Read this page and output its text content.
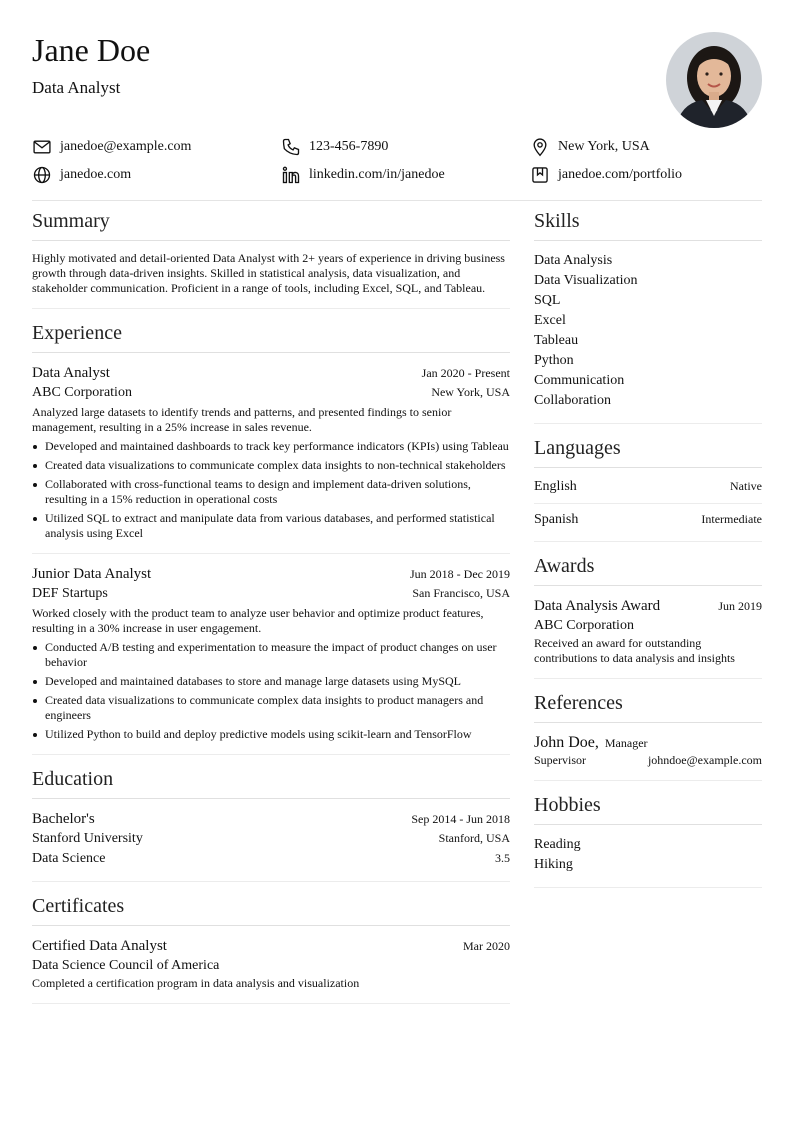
Jane Doe
Data Analyst
janedoe@example.com	123-456-7890	New York, USA
janedoe.com	linkedin.com/in/janedoe	janedoe.com/portfolio
Summary
Highly motivated and detail-oriented Data Analyst with 2+ years of experience in driving business growth through data-driven insights. Skilled in statistical analysis, data visualization, and stakeholder communication. Proficient in a range of tools, including Excel, SQL, and Tableau.
Experience
Data Analyst	Jan 2020 - Present
ABC Corporation	New York, USA
Analyzed large datasets to identify trends and patterns, and presented findings to senior management, resulting in a 25% increase in sales revenue.
Developed and maintained dashboards to track key performance indicators (KPIs) using Tableau
Created data visualizations to communicate complex data insights to non-technical stakeholders
Collaborated with cross-functional teams to design and implement data-driven solutions, resulting in a 15% reduction in operational costs
Utilized SQL to extract and manipulate data from various databases, and performed statistical analysis using Excel
Junior Data Analyst	Jun 2018 - Dec 2019
DEF Startups	San Francisco, USA
Worked closely with the product team to analyze user behavior and optimize product features, resulting in a 30% increase in user engagement.
Conducted A/B testing and experimentation to measure the impact of product changes on user behavior
Developed and maintained databases to store and manage large datasets using MySQL
Created data visualizations to communicate complex data insights to product managers and engineers
Utilized Python to build and deploy predictive models using scikit-learn and TensorFlow
Education
Bachelor's	Sep 2014 - Jun 2018
Stanford University	Stanford, USA
Data Science	3.5
Certificates
Certified Data Analyst	Mar 2020
Data Science Council of America
Completed a certification program in data analysis and visualization
Skills
Data Analysis
Data Visualization
SQL
Excel
Tableau
Python
Communication
Collaboration
Languages
English	Native
Spanish	Intermediate
Awards
Data Analysis Award	Jun 2019
ABC Corporation
Received an award for outstanding contributions to data analysis and insights
References
John Doe, Manager
Supervisor	johndoe@example.com
Hobbies
Reading
Hiking
